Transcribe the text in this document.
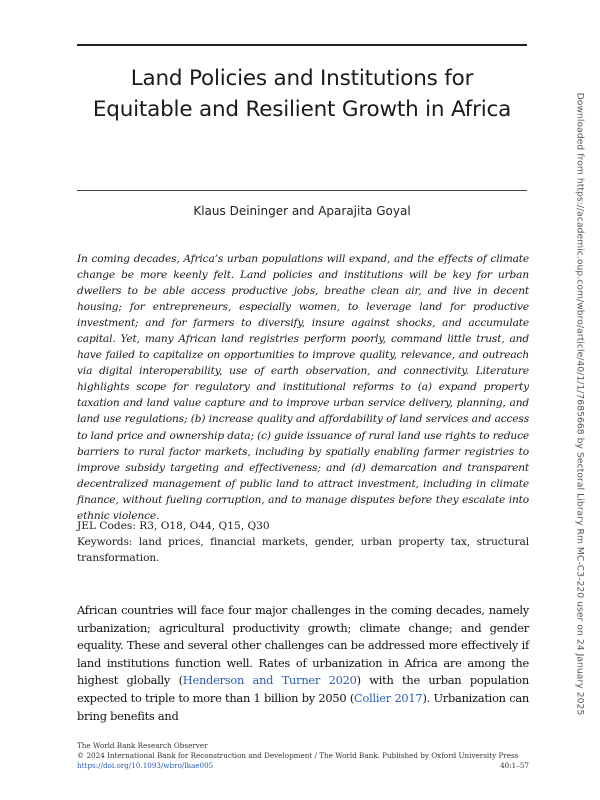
Land Policies and Institutions for
Equitable and Resilient Growth in Africa
Klaus Deininger and Aparajita Goyal
In coming decades, Africa’s urban populations will expand, and the effects of climate change be more keenly felt. Land policies and institutions will be key for urban dwellers to be able access productive jobs, breathe clean air, and live in decent housing; for entrepreneurs, especially women, to leverage land for productive investment; and for farmers to diversify, insure against shocks, and accumulate capital. Yet, many African land registries perform poorly, command little trust, and have failed to capitalize on opportunities to improve quality, relevance, and outreach via digital interoperability, use of earth observation, and connectivity. Literature highlights scope for regulatory and institutional reforms to (a) expand property taxation and land value capture and to improve urban service delivery, planning, and land use regulations; (b) increase quality and affordability of land services and access to land price and ownership data; (c) guide issuance of rural land use rights to reduce barriers to rural factor markets, including by spatially enabling farmer registries to improve subsidy targeting and effectiveness; and (d) demarcation and transparent decentralized management of public land to attract investment, including in climate finance, without fueling corruption, and to manage disputes before they escalate into ethnic violence.
JEL Codes: R3, O18, O44, Q15, Q30
Keywords: land prices, financial markets, gender, urban property tax, structural transformation.
African countries will face four major challenges in the coming decades, namely urbanization; agricultural productivity growth; climate change; and gender equality. These and several other challenges can be addressed more effectively if land institutions function well. Rates of urbanization in Africa are among the highest globally (Henderson and Turner 2020) with the urban population expected to triple to more than 1 billion by 2050 (Collier 2017). Urbanization can bring benefits and
The World Bank Research Observer
© 2024 International Bank for Reconstruction and Development / The World Bank. Published by Oxford University Press
https://doi.org/10.1093/wbro/lkae005	40:1–57
Downloaded from https://academic.oup.com/wbro/article/40/1/1/7685668 by Sectoral Library Rm MC-C3-220 user on 24 January 2025
